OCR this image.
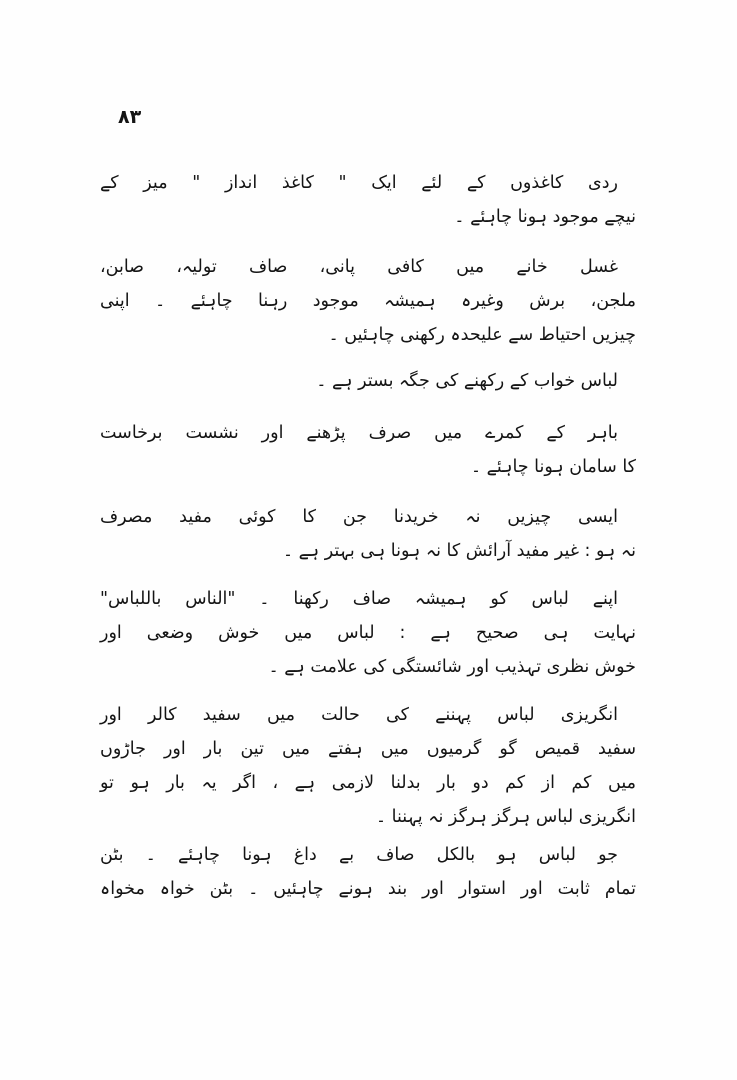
۸۳
ردی کاغذوں کے لئے ایک " کاغذ انداز " میز کے
نیچے موجود ہونا چاہئے ۔
غسل خانے میں کافی پانی، صاف تولیہ، صابن،
ملجن، برش وغیرہ ہمیشہ موجود رہنا چاہئے ۔ اپنی
چیزیں احتیاط سے علیحدہ رکھنی چاہئیں ۔
لباس خواب کے رکھنے کی جگہ بستر ہے ۔
باہر کے کمرے میں صرف پڑھنے اور نشست برخاست
کا سامان ہونا چاہئے ۔
ایسی چیزیں نہ خریدنا جن کا کوئی مفید مصرف
نہ ہو : غیر مفید آرائش کا نہ ہونا ہی بہتر ہے ۔
اپنے لباس کو ہمیشہ صاف رکھنا ۔ "الناس باللباس"
نہایت ہی صحیح ہے : لباس میں خوش وضعی اور
خوش نظری تہذیب اور شائستگی کی علامت ہے ۔
انگریزی لباس پہننے کی حالت میں سفید کالر اور
سفید قمیص گو گرمیوں میں ہفتے میں تین بار اور جاڑوں
میں کم از کم دو بار بدلنا لازمی ہے ، اگر یہ بار ہو تو
انگریزی لباس ہرگز ہرگز نہ پہننا ۔
جو لباس ہو بالکل صاف بے داغ ہونا چاہئے ۔ بٹن
تمام ثابت اور استوار اور بند ہونے چاہئیں ۔ بٹن خواہ مخواہ
